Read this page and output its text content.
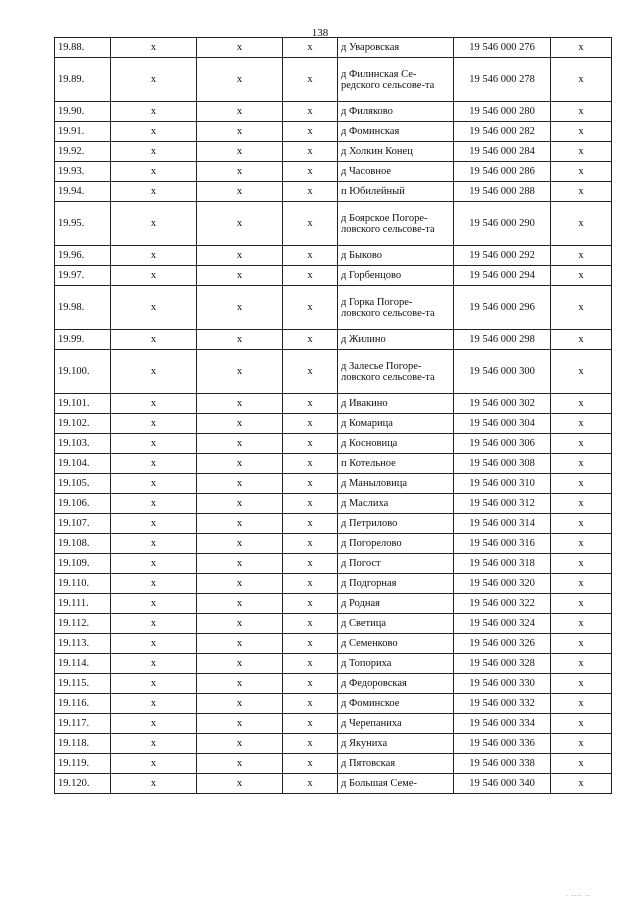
138
19.88.	x	x	x	д Уваровская	19 546 000 276	x
19.89.	x	x	x	д Филинская Се-редского сельсове-та	19 546 000 278	x
19.90.	x	x	x	д Филяково	19 546 000 280	x
19.91.	x	x	x	д Фоминская	19 546 000 282	x
19.92.	x	x	x	д Холкин Конец	19 546 000 284	x
19.93.	x	x	x	д Часовное	19 546 000 286	x
19.94.	x	x	x	п Юбилейный	19 546 000 288	x
19.95.	x	x	x	д Боярское Погоре-ловского сельсове-та	19 546 000 290	x
19.96.	x	x	x	д Быково	19 546 000 292	x
19.97.	x	x	x	д Горбенцово	19 546 000 294	x
19.98.	x	x	x	д Горка Погоре-ловского сельсове-та	19 546 000 296	x
19.99.	x	x	x	д Жилино	19 546 000 298	x
19.100.	x	x	x	д Залесье Погоре-ловского сельсове-та	19 546 000 300	x
19.101.	x	x	x	д Ивакино	19 546 000 302	x
19.102.	x	x	x	д Комарица	19 546 000 304	x
19.103.	x	x	x	д Косновица	19 546 000 306	x
19.104.	x	x	x	п Котельное	19 546 000 308	x
19.105.	x	x	x	д Маныловица	19 546 000 310	x
19.106.	x	x	x	д Маслиха	19 546 000 312	x
19.107.	x	x	x	д Петрилово	19 546 000 314	x
19.108.	x	x	x	д Погорелово	19 546 000 316	x
19.109.	x	x	x	д Погост	19 546 000 318	x
19.110.	x	x	x	д Подгорная	19 546 000 320	x
19.111.	x	x	x	д Родная	19 546 000 322	x
19.112.	x	x	x	д Светица	19 546 000 324	x
19.113.	x	x	x	д Семенково	19 546 000 326	x
19.114.	x	x	x	д Топориха	19 546 000 328	x
19.115.	x	x	x	д Федоровская	19 546 000 330	x
19.116.	x	x	x	д Фоминское	19 546 000 332	x
19.117.	x	x	x	д Черепаниха	19 546 000 334	x
19.118.	x	x	x	д Якуниха	19 546 000 336	x
19.119.	x	x	x	д Пятовская	19 546 000 338	x
19.120.	x	x	x	д Большая Семе-	19 546 000 340	x
. .... ..
